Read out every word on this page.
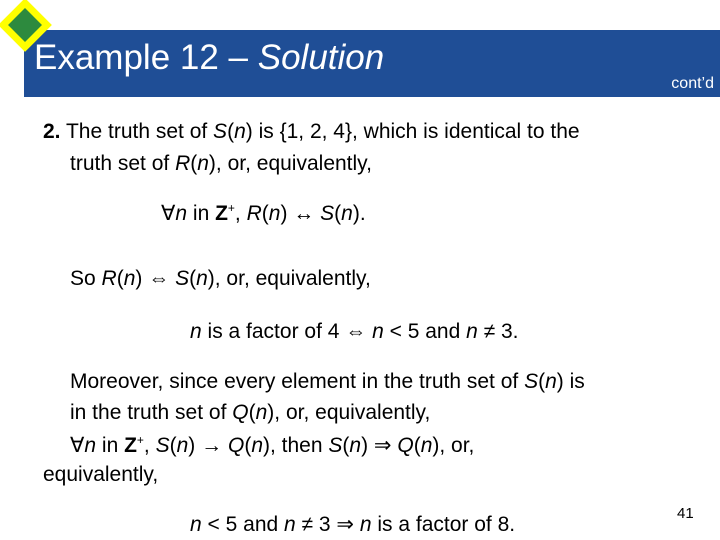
Example 12 – Solution
cont’d
2. The truth set of S(n) is {1, 2, 4}, which is identical to the
truth set of R(n), or, equivalently,
∀n in Z+, R(n) ↔ S(n).
So R(n) ⇔ S(n), or, equivalently,
n is a factor of 4 ⇔ n < 5 and n ≠ 3.
Moreover, since every element in the truth set of S(n) is
in the truth set of Q(n), or, equivalently,
∀n in Z+, S(n) → Q(n), then S(n) ⇒ Q(n), or,
equivalently,
n < 5 and n ≠ 3 ⇒ n is a factor of 8.	41
